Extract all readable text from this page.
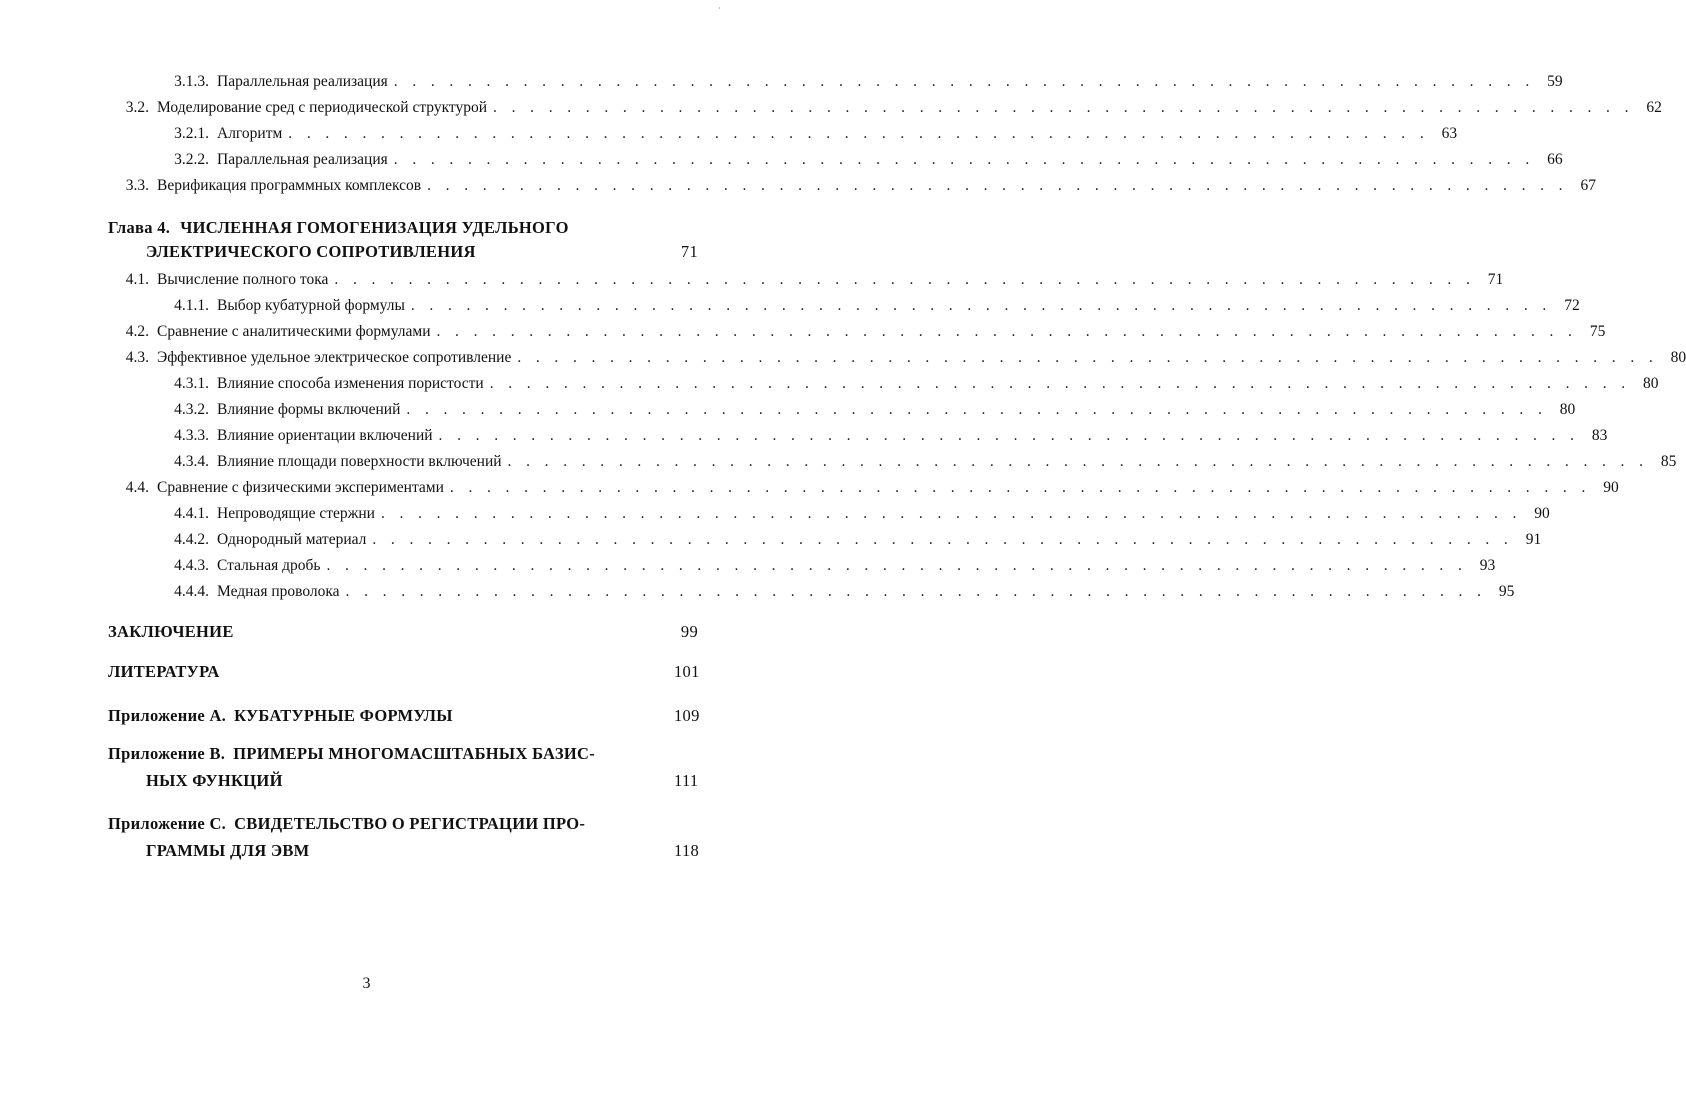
·
3.1.3. Параллельная реализация . . . . . . . . . . . . . . . . . . . . . . . . . . . . . . . . . . . . . . . . . . . . . . . . . . . . . . . . . . . . . . 59
3.2. Моделирование сред с периодической структурой . . . . . . . . . . . . . . . . . . . . . . . . . . . . . . . . . . . . . . . . . . . . . . . . . . . . . . . . . . . . . . 62
3.2.1. Алгоритм . . . . . . . . . . . . . . . . . . . . . . . . . . . . . . . . . . . . . . . . . . . . . . . . . . . . . . . . . . . . . . 63
3.2.2. Параллельная реализация . . . . . . . . . . . . . . . . . . . . . . . . . . . . . . . . . . . . . . . . . . . . . . . . . . . . . . . . . . . . . . 66
3.3. Верификация программных комплексов . . . . . . . . . . . . . . . . . . . . . . . . . . . . . . . . . . . . . . . . . . . . . . . . . . . . . . . . . . . . . . 67
Глава 4. ЧИСЛЕННАЯ ГОМОГЕНИЗАЦИЯ УДЕЛЬНОГО
ЭЛЕКТРИЧЕСКОГО СОПРОТИВЛЕНИЯ	71
4.1. Вычисление полного тока . . . . . . . . . . . . . . . . . . . . . . . . . . . . . . . . . . . . . . . . . . . . . . . . . . . . . . . . . . . . . . 71
4.1.1. Выбор кубатурной формулы . . . . . . . . . . . . . . . . . . . . . . . . . . . . . . . . . . . . . . . . . . . . . . . . . . . . . . . . . . . . . . 72
4.2. Сравнение с аналитическими формулами . . . . . . . . . . . . . . . . . . . . . . . . . . . . . . . . . . . . . . . . . . . . . . . . . . . . . . . . . . . . . . 75
4.3. Эффективное удельное электрическое сопротивление . . . . . . . . . . . . . . . . . . . . . . . . . . . . . . . . . . . . . . . . . . . . . . . . . . . . . . . . . . . . . . 80
4.3.1. Влияние способа изменения пористости . . . . . . . . . . . . . . . . . . . . . . . . . . . . . . . . . . . . . . . . . . . . . . . . . . . . . . . . . . . . . . 80
4.3.2. Влияние формы включений . . . . . . . . . . . . . . . . . . . . . . . . . . . . . . . . . . . . . . . . . . . . . . . . . . . . . . . . . . . . . . 80
4.3.3. Влияние ориентации включений . . . . . . . . . . . . . . . . . . . . . . . . . . . . . . . . . . . . . . . . . . . . . . . . . . . . . . . . . . . . . . 83
4.3.4. Влияние площади поверхности включений . . . . . . . . . . . . . . . . . . . . . . . . . . . . . . . . . . . . . . . . . . . . . . . . . . . . . . . . . . . . . . 85
4.4. Сравнение с физическими экспериментами . . . . . . . . . . . . . . . . . . . . . . . . . . . . . . . . . . . . . . . . . . . . . . . . . . . . . . . . . . . . . . 90
4.4.1. Непроводящие стержни . . . . . . . . . . . . . . . . . . . . . . . . . . . . . . . . . . . . . . . . . . . . . . . . . . . . . . . . . . . . . . 90
4.4.2. Однородный материал . . . . . . . . . . . . . . . . . . . . . . . . . . . . . . . . . . . . . . . . . . . . . . . . . . . . . . . . . . . . . . 91
4.4.3. Стальная дробь . . . . . . . . . . . . . . . . . . . . . . . . . . . . . . . . . . . . . . . . . . . . . . . . . . . . . . . . . . . . . . 93
4.4.4. Медная проволока . . . . . . . . . . . . . . . . . . . . . . . . . . . . . . . . . . . . . . . . . . . . . . . . . . . . . . . . . . . . . . 95
ЗАКЛЮЧЕНИЕ	99
ЛИТЕРАТУРА	101
Приложение A. КУБАТУРНЫЕ ФОРМУЛЫ	109
Приложение B. ПРИМЕРЫ МНОГОМАСШТАБНЫХ БАЗИС-
НЫХ ФУНКЦИЙ	111
Приложение C. СВИДЕТЕЛЬСТВО О РЕГИСТРАЦИИ ПРО-
ГРАММЫ ДЛЯ ЭВМ	118
3
